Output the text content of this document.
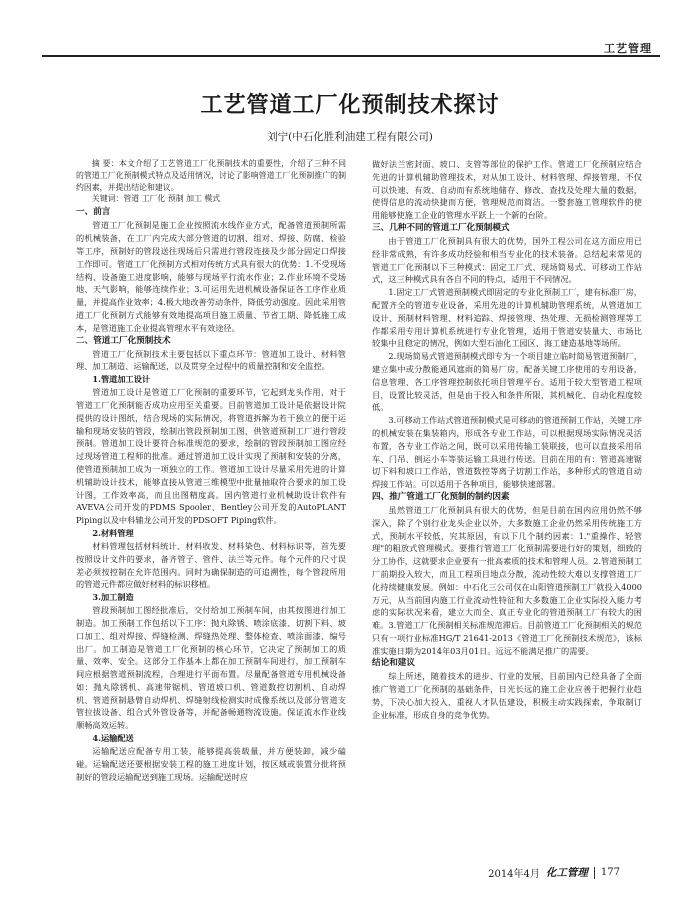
工艺管理
工艺管道工厂化预制技术探讨
刘宁(中石化胜利油建工程有限公司)

摘 要：本文介绍了工艺管道工厂化预制技术的重要性，介绍了三种不同的管道工厂化预制模式特点及适用情况，讨论了影响管道工厂化预制推广的制约因素，并提出结论和建议。

关键词：管道 工厂化 预制 加工 模式

一、前言

管道工厂化预制是施工企业按照流水线作业方式，配备管道预制所需的机械装备，在工厂内完成大部分管道的切割、组对、焊接、防腐、检验等工序，预制好的管段送往现场后只需进行管段连接及少部分固定口焊接工作即可。管道工厂化预制方式相对传统方式具有很大的优势：1.不受现场结构、设备施工进度影响，能够与现场平行流水作业；2.作业环境不受场地、天气影响，能够连续作业；3.可运用先进机械设备保证各工序作业质量，并提高作业效率；4.极大地改善劳动条件，降低劳动强度。因此采用管道工厂化预制方式能够有效地提高项目施工质量、节省工期、降低施工成本，是管道施工企业提高管理水平有效途径。

二、管道工厂化预制技术

管道工厂化预制技术主要包括以下重点环节：管道加工设计、材料管理、加工制造、运输配送，以及贯穿全过程中的质量控制和安全监控。

1.管道加工设计

管道加工设计是管道工厂化预制的重要环节，它起到龙头作用，对于管道工厂化预制能否成功应用至关重要。目前管道加工设计是依据设计院提供的设计图纸，结合现场的实际情况，将管道拆解为若干独立的便于运输和现场安装的管段，绘制出管段预制加工图，供管道预制工厂进行管段预制。管道加工设计要符合标准规范的要求，绘制的管段预制加工图应经过现场管道工程师的批准。通过管道加工设计实现了预制和安装的分离，使管道预制加工成为一项独立的工作。管道加工设计尽量采用先进的计算机辅助设计技术，能够直接从管道三维模型中批量抽取符合要求的加工设计图，工作效率高，而且出图精度高。国内管道行业机械助设计软件有AVEVA公司开发的PDMS Spooler、Bentley公司开发的AutoPLANT Piping以及中科辅龙公司开发的PDSOFT Piping软件。

2.材料管理

材料管理包括材料统计、材料收发、材料染色、材料标识等，首先要按照设计文件的要求，备齐管子、管件、法兰等元件。每个元件的尺寸误差必须按控制在允许范围内。同时为确保制造的可追溯性，每个管段所用的管道元件都应做好材料的标识移植。

3.加工制造

管段预制加工图经批准后，交付给加工预制车间，由其按图进行加工制造。加工预制工作包括以下工序：抛丸除锈、喷涂底漆、切割下料、坡口加工、组对焊接、焊缝检测、焊缝热处理、整体检查、喷涂面漆、编号出厂。加工制造是管道工厂化预制的核心环节，它决定了预制加工的质量、效率、安全。这部分工作基本上都在加工预制车间进行，加工预制车间应根据管道预制流程，合理进行平面布置。尽量配备管道专用机械设备如：抛丸除锈机、高速带锯机、管道坡口机、管道数控切割机、自动焊机、管道预制悬臂自动焊机、焊缝射线检测实时成像系统以及部分管道支管拉拔设备、组合式外管设备等，并配备畅通物流设施。保证流水作业线顺畅高效运转。

4.运输配送

运输配送应配备专用工装，能够提高装载量，并方便装卸，减少磕碰。运输配送还要根据安装工程的施工进度计划，按区域或装置分批将预制好的管段运输配送到施工现场。运输配送时应

做好法兰密封面、坡口、支管等部位的保护工作。管道工厂化预制应结合先进的计算机辅助管理技术，对从加工设计、材料管理、焊接管理、不仅可以快速、有效、自动而有系统地储存、修改、查找及处理大量的数据，使得信息的流动快捷而方便，管理规范而简洁。一整套施工管理软件的使用能够使施工企业的管理水平跃上一个新的台阶。

三、几种不同的管道工厂化预制模式

由于管道工厂化预制具有很大的优势，国外工程公司在这方面应用已经非常成熟，有许多成功经验和相当专业化的技术装备。总结起来常见的管道工厂化预制以下三种模式：固定工厂式、现场简易式、可移动工作站式，这三种模式具有各自不同的特点，适用于不同情况。

1.固定工厂式管道预制模式即固定的专业化预制工厂，建有标准厂房，配置齐全的管道专业设备，采用先进的计算机辅助管理系统，从管道加工设计、预制材料管理、材料追踪、焊接管理、热处理、无损检测管理等工作都采用专用计算机系统进行专业化管理，适用于管道安装量大、市场比较集中且稳定的情况，例如大型石油化工园区、海工建造基地等场所。

2.现场简易式管道预制模式即专为一个项目建立临时简易管道预制厂，建立集中或分散能通风遮雨的简易厂房，配备关键工序使用的专用设备，信息管理、各工序管理控制依托项目管理平台。适用于较大型管道工程项目，设置比较灵活，但是由于投入和条件所限，其机械化、自动化程度较低。

3.可移动工作站式管道预制模式是可移动的管道预制工作站，关键工序的机械安装在集装箱内，形成各专业工作站，可以根据现场实际情况灵活布置，各专业工作站之间，既可以采用传输工装联接，也可以直接采用吊车、门吊、倒运小车等装运输工具进行传送。目前在用的有：管道高速锯切下料和坡口工作站，管道数控等离子切割工作站，多种形式的管道自动焊接工作站。可以适用于各种项目，能够快速部署。

四、推广管道工厂化预制的制约因素

虽然管道工厂化预制具有很大的优势，但是目前在国内应用仍然不够深入，除了个别行业龙头企业以外，大多数施工企业仍然采用传统施工方式，预制水平较低，究其原因，有以下几个制约因素：1."重操作、轻管理"的粗放式管理模式。要推行管道工厂化预制需要进行好的策划，细致的分工协作，这就要求企业要有一批高素质的技术和管理人员。2.管道预制工厂前期投入较大，而且工程项目地点分散，流动性较大难以支撑管道工厂化持续健康发展。例如：中石化三公司仅在山阳管道预制工厂就投入4000万元，从当前国内施工行业流动性特征和大多数施工企业实际投入能力考虑的实际状况来看，建立大而全、真正专业化的管道预制工厂有较大的困难。3.管道工厂化预制相关标准规范滞后。目前管道工厂化预制相关的规范只有一项行业标准HG/T 21641-2013《管道工厂化预制技术规范》，该标准实施日期为2014年03月01日。远远不能满足推广的需要。

结论和建议

综上所述，随着技术的进步、行业的发展，目前国内已经具备了全面推广管道工厂化预制的基础条件，日光长远的施工企业应善于把握行业趋势，下决心加大投入，重视人才队伍建设，积极主动实践探索，争取制订企业标准，形成自身的竞争优势。

2014年4月 化工管理 177
